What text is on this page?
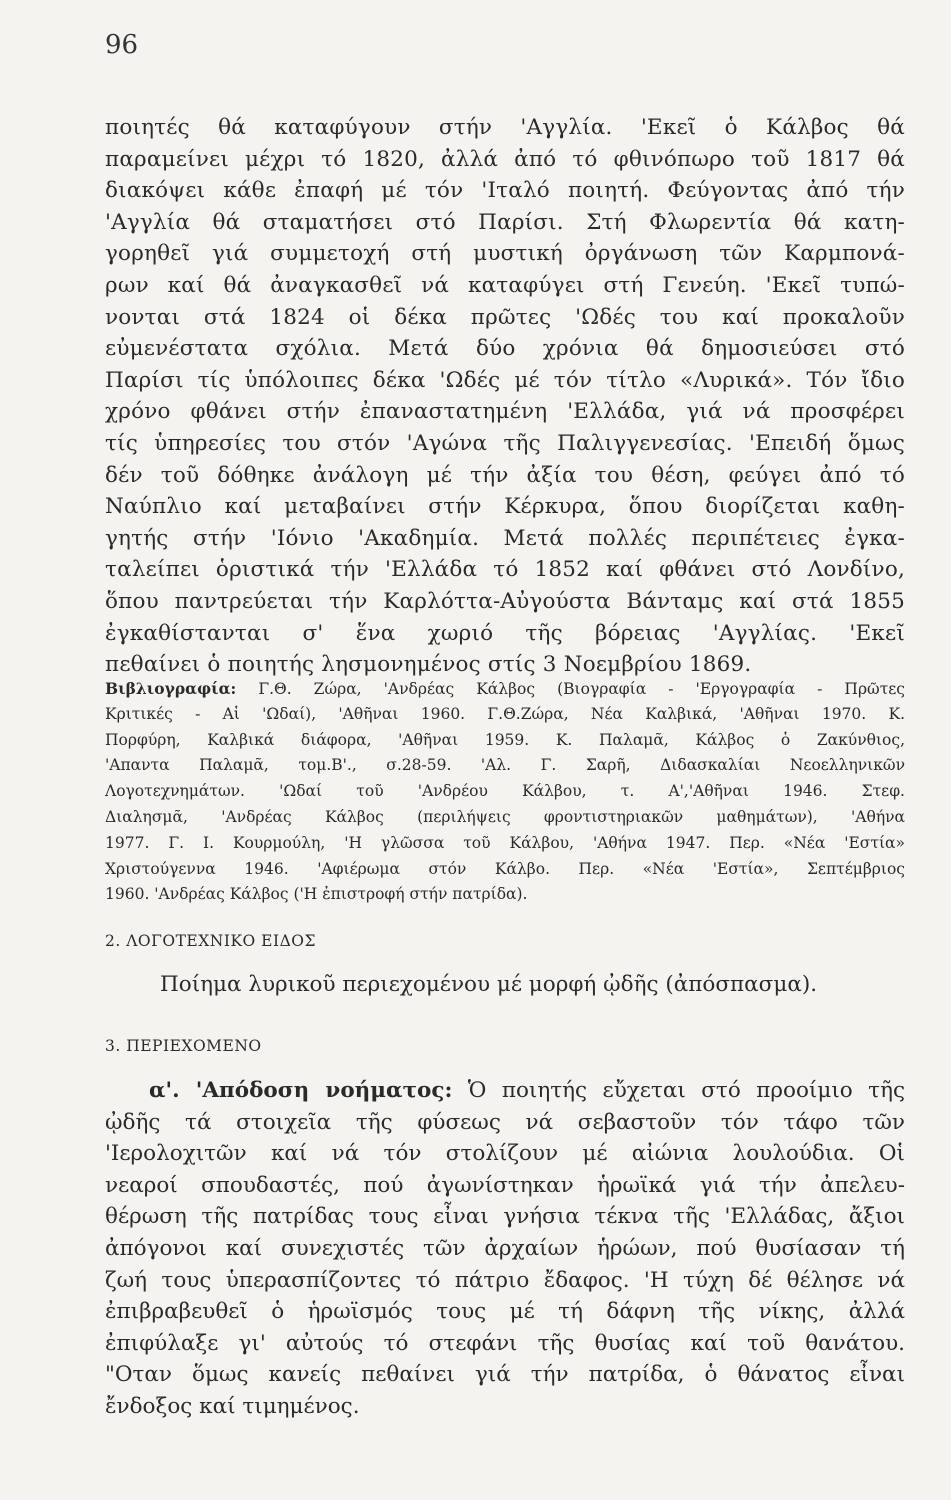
96
ποιητές θά καταφύγουν στήν 'Αγγλία. 'Εκεῖ ὁ Κάλβος θά
παραμείνει μέχρι τό 1820, ἀλλά ἀπό τό φθινόπωρο τοῦ 1817 θά
διακόψει κάθε ἐπαφή μέ τόν 'Ιταλό ποιητή. Φεύγοντας ἀπό τήν
'Αγγλία θά σταματήσει στό Παρίσι. Στή Φλωρεντία θά κατη-
γορηθεῖ γιά συμμετοχή στή μυστική ὀργάνωση τῶν Καρμπονά-
ρων καί θά ἀναγκασθεῖ νά καταφύγει στή Γενεύη. 'Εκεῖ τυπώ-
νονται στά 1824 οἱ δέκα πρῶτες 'Ωδές του καί προκαλοῦν
εὐμενέστατα σχόλια. Μετά δύο χρόνια θά δημοσιεύσει στό
Παρίσι τίς ὑπόλοιπες δέκα 'Ωδές μέ τόν τίτλο «Λυρικά». Τόν ἴδιο
χρόνο φθάνει στήν ἐπαναστατημένη 'Ελλάδα, γιά νά προσφέρει
τίς ὑπηρεσίες του στόν 'Αγώνα τῆς Παλιγγενεσίας. 'Επειδή ὅμως
δέν τοῦ δόθηκε ἀνάλογη μέ τήν ἀξία του θέση, φεύγει ἀπό τό
Ναύπλιο καί μεταβαίνει στήν Κέρκυρα, ὅπου διορίζεται καθη-
γητής στήν 'Ιόνιο 'Ακαδημία. Μετά πολλές περιπέτειες ἐγκα-
ταλείπει ὁριστικά τήν 'Ελλάδα τό 1852 καί φθάνει στό Λονδίνο,
ὅπου παντρεύεται τήν Καρλόττα-Αὐγούστα Βάνταμς καί στά 1855
ἐγκαθίστανται σ' ἕνα χωριό τῆς βόρειας 'Αγγλίας. 'Εκεῖ
πεθαίνει ὁ ποιητής λησμονημένος στίς 3 Νοεμβρίου 1869.
Βιβλιογραφία: Γ.Θ. Ζώρα, 'Ανδρέας Κάλβος (Βιογραφία - 'Εργογραφία - Πρῶτες
Κριτικές - Αἱ 'Ωδαί), 'Αθῆναι 1960. Γ.Θ.Ζώρα, Νέα Καλβικά, 'Αθῆναι 1970. Κ.
Πορφύρη, Καλβικά διάφορα, 'Αθῆναι 1959. Κ. Παλαμᾶ, Κάλβος ὁ Ζακύνθιος,
'Απαντα Παλαμᾶ, τομ.Β'., σ.28-59. 'Αλ. Γ. Σαρῆ, Διδασκαλίαι Νεοελληνικῶν
Λογοτεχνημάτων. 'Ωδαί τοῦ 'Ανδρέου Κάλβου, τ. Α','Αθῆναι 1946. Στεφ.
Διαλησμᾶ, 'Ανδρέας Κάλβος (περιλήψεις φροντιστηριακῶν μαθημάτων), 'Αθήνα
1977. Γ. Ι. Κουρμούλη, 'Η γλῶσσα τοῦ Κάλβου, 'Αθήνα 1947. Περ. «Νέα 'Εστία»
Χριστούγεννα 1946. 'Αφιέρωμα στόν Κάλβο. Περ. «Νέα 'Εστία», Σεπτέμβριος
1960. 'Ανδρέας Κάλβος ('Η ἐπιστροφή στήν πατρίδα).
2. ΛΟΓΟΤΕΧΝΙΚΟ ΕΙΔΟΣ
Ποίημα λυρικοῦ περιεχομένου μέ μορφή ᾠδῆς (ἀπόσπασμα).
3. ΠΕΡΙΕΧΟΜΕΝΟ
α'. 'Απόδοση νοήματος: Ὁ ποιητής εὔχεται στό προοίμιο τῆς
ᾠδῆς τά στοιχεῖα τῆς φύσεως νά σεβαστοῦν τόν τάφο τῶν
'Ιερολοχιτῶν καί νά τόν στολίζουν μέ αἰώνια λουλούδια. Οἱ
νεαροί σπουδαστές, πού ἀγωνίστηκαν ἡρωϊκά γιά τήν ἀπελευ-
θέρωση τῆς πατρίδας τους εἶναι γνήσια τέκνα τῆς 'Ελλάδας, ἄξιοι
ἀπόγονοι καί συνεχιστές τῶν ἀρχαίων ἡρώων, πού θυσίασαν τή
ζωή τους ὑπερασπίζοντες τό πάτριο ἔδαφος. 'Η τύχη δέ θέλησε νά
ἐπιβραβευθεῖ ὁ ἡρωϊσμός τους μέ τή δάφνη τῆς νίκης, ἀλλά
ἐπιφύλαξε γι' αὐτούς τό στεφάνι τῆς θυσίας καί τοῦ θανάτου.
"Οταν ὅμως κανείς πεθαίνει γιά τήν πατρίδα, ὁ θάνατος εἶναι
ἔνδοξος καί τιμημένος.
